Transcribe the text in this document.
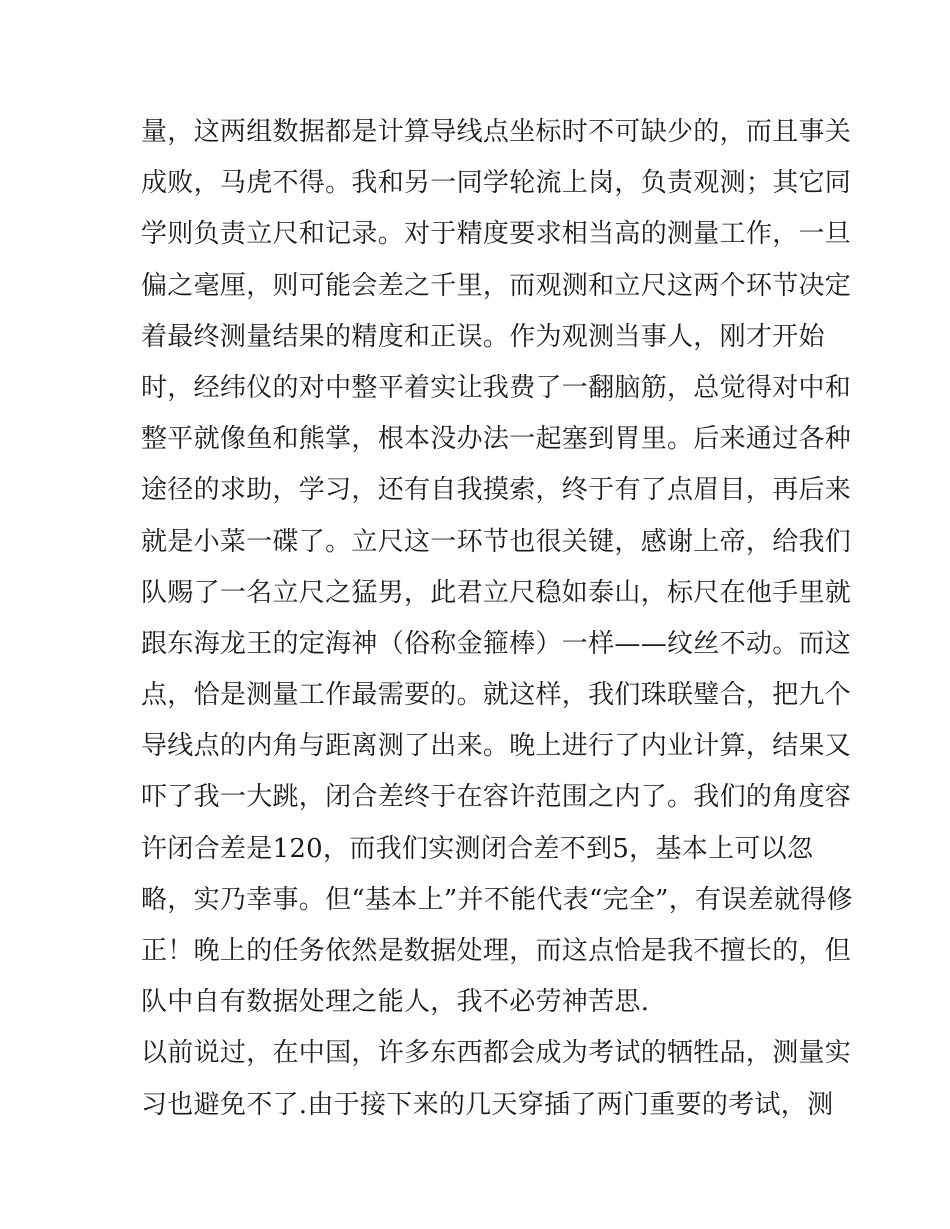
量，这两组数据都是计算导线点坐标时不可缺少的，而且事关
成败，马虎不得。我和另一同学轮流上岗，负责观测；其它同
学则负责立尺和记录。对于精度要求相当高的测量工作，一旦
偏之毫厘，则可能会差之千里，而观测和立尺这两个环节决定
着最终测量结果的精度和正误。作为观测当事人，刚才开始
时，经纬仪的对中整平着实让我费了一翻脑筋，总觉得对中和
整平就像鱼和熊掌，根本没办法一起塞到胃里。后来通过各种
途径的求助，学习，还有自我摸索，终于有了点眉目，再后来
就是小菜一碟了。立尺这一环节也很关键，感谢上帝，给我们
队赐了一名立尺之猛男，此君立尺稳如泰山，标尺在他手里就
跟东海龙王的定海神（俗称金箍棒）一样——纹丝不动。而这
点，恰是测量工作最需要的。就这样，我们珠联璧合，把九个
导线点的内角与距离测了出来。晚上进行了内业计算，结果又
吓了我一大跳，闭合差终于在容许范围之内了。我们的角度容
许闭合差是120，而我们实测闭合差不到5，基本上可以忽
略，实乃幸事。但“基本上”并不能代表“完全”，有误差就得修
正！晚上的任务依然是数据处理，而这点恰是我不擅长的，但
队中自有数据处理之能人，我不必劳神苦思.
以前说过，在中国，许多东西都会成为考试的牺牲品，测量实
习也避免不了.由于接下来的几天穿插了两门重要的考试，测
